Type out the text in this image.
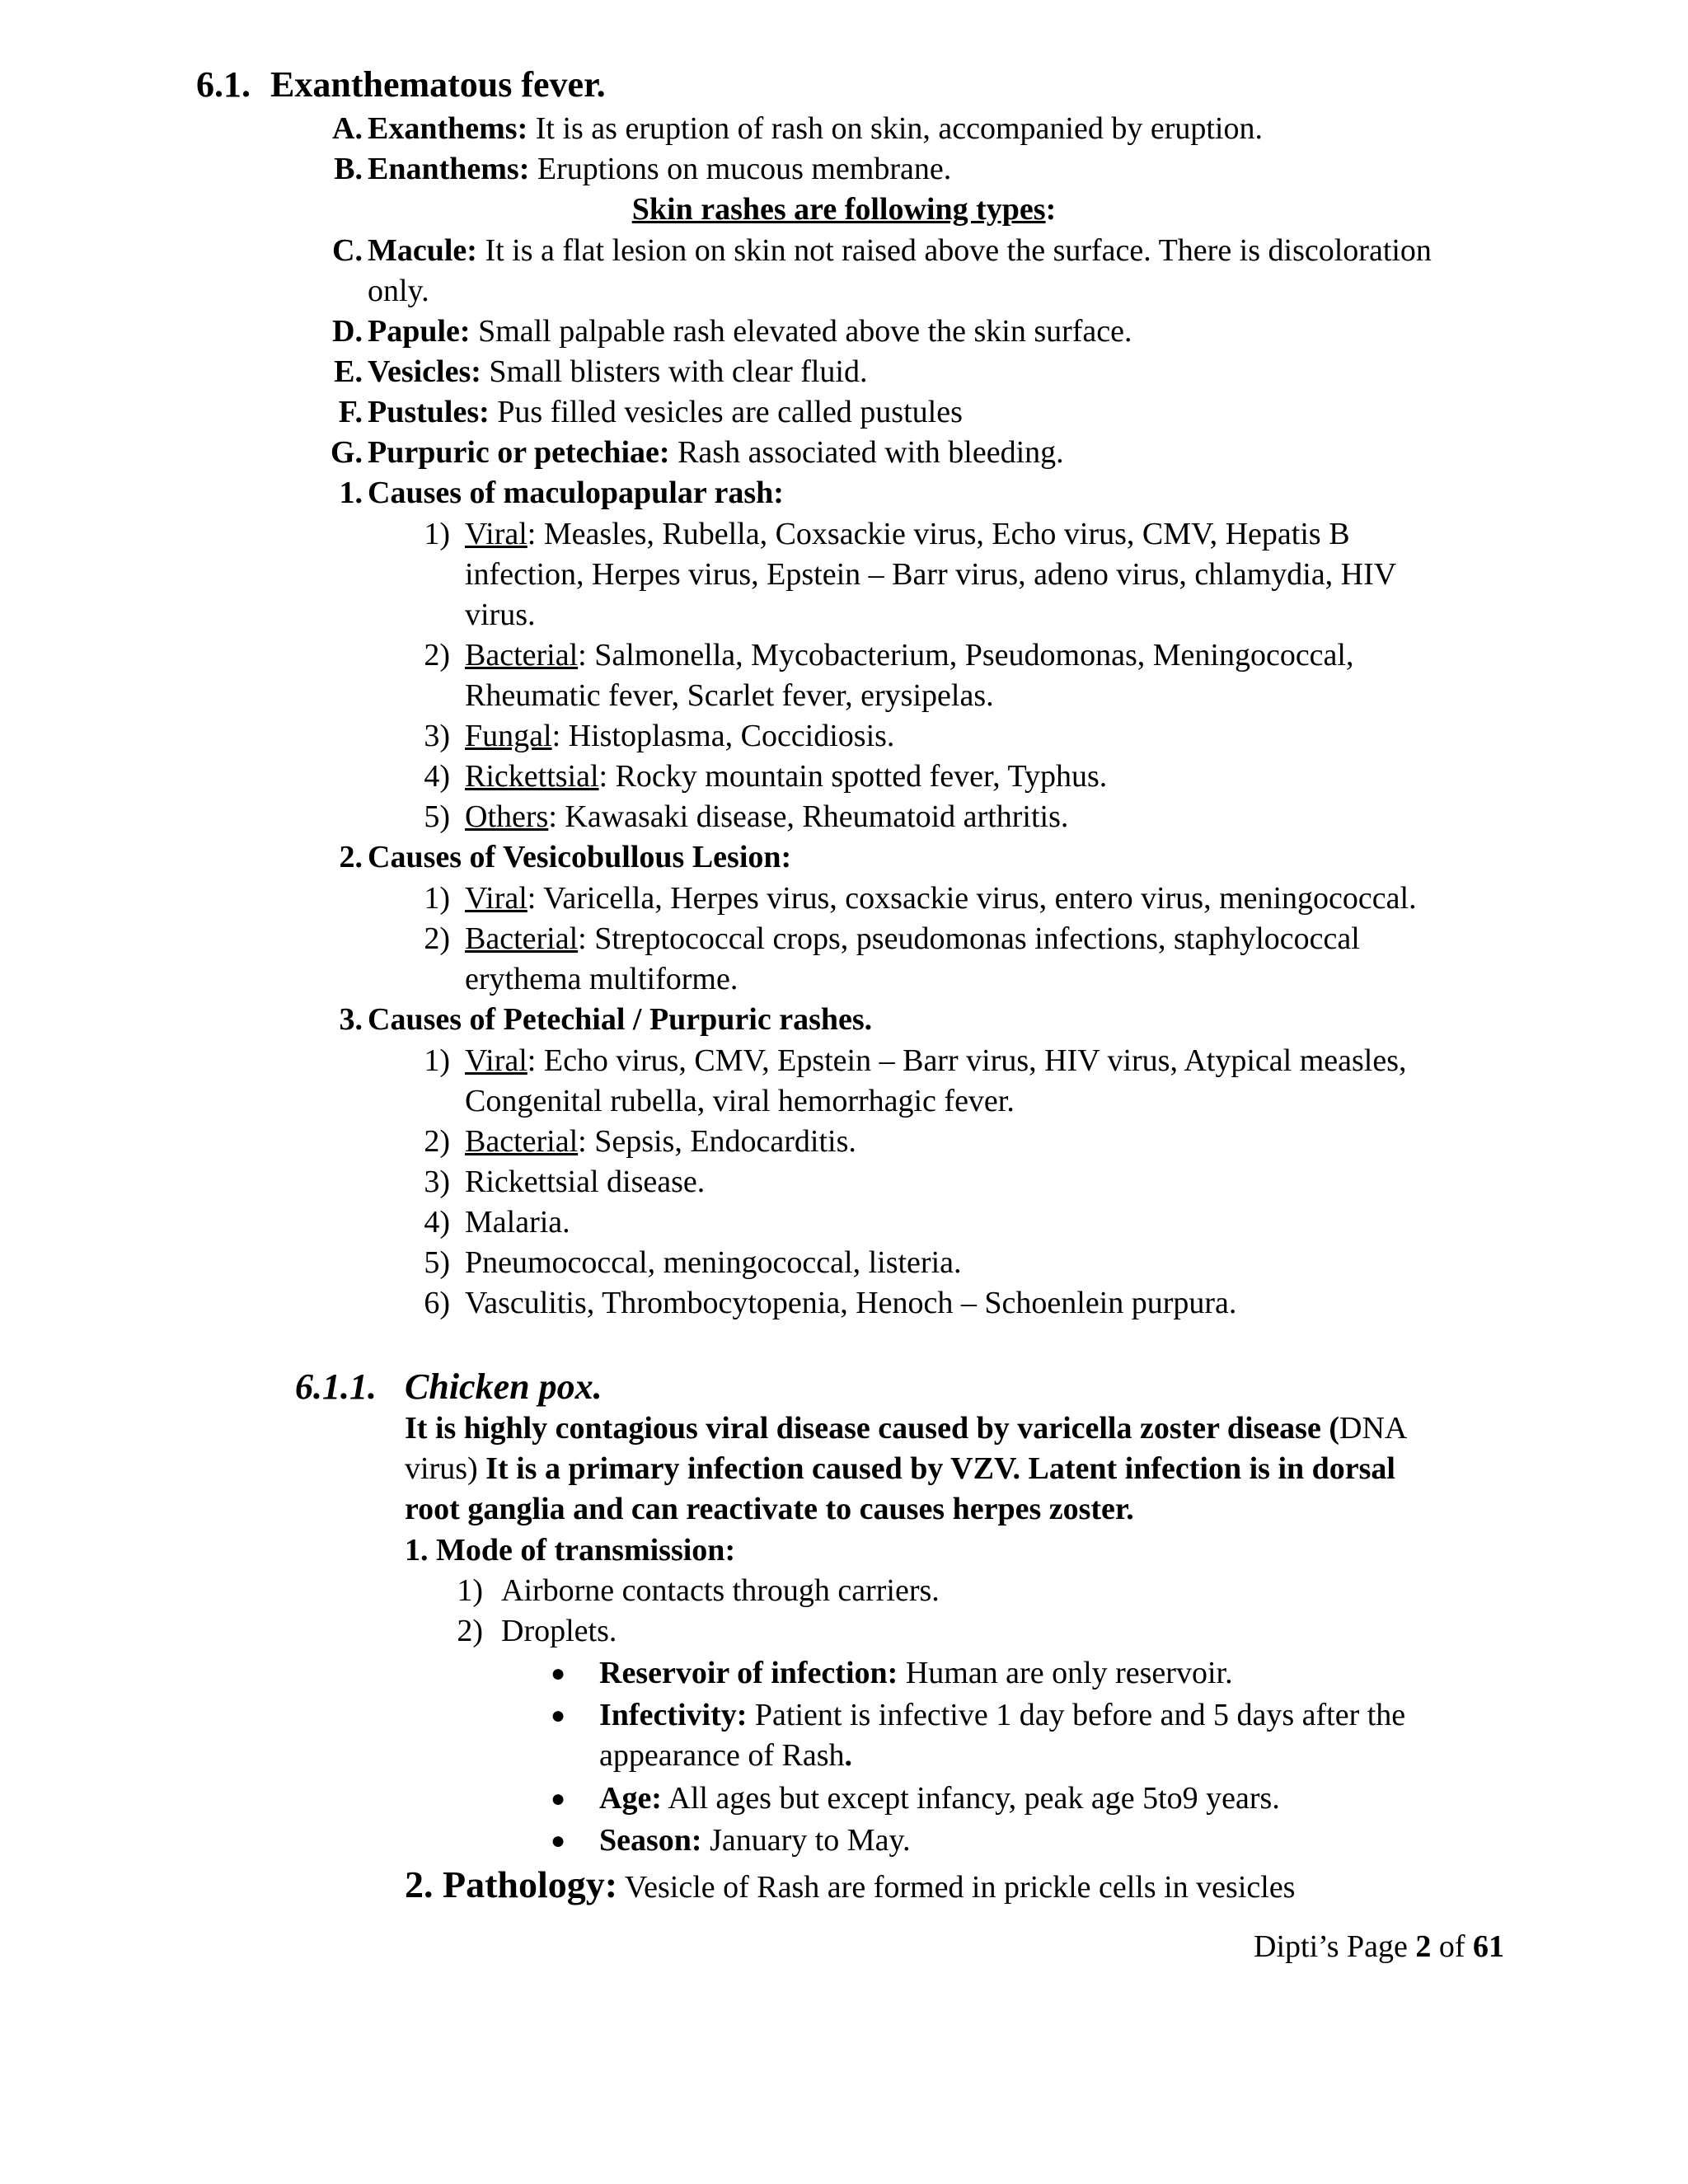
6.1. Exanthematous fever.
A. Exanthems: It is as eruption of rash on skin, accompanied by eruption.
B. Enanthems: Eruptions on mucous membrane.
Skin rashes are following types:
C. Macule: It is a flat lesion on skin not raised above the surface. There is discoloration
only.
D. Papule: Small palpable rash elevated above the skin surface.
E. Vesicles: Small blisters with clear fluid.
F. Pustules: Pus filled vesicles are called pustules
G. Purpuric or petechiae: Rash associated with bleeding.
1. Causes of maculopapular rash:
1) Viral: Measles, Rubella, Coxsackie virus, Echo virus, CMV, Hepatis B
infection, Herpes virus, Epstein – Barr virus, adeno virus, chlamydia, HIV
virus.
2) Bacterial: Salmonella, Mycobacterium, Pseudomonas, Meningococcal,
Rheumatic fever, Scarlet fever, erysipelas.
3) Fungal: Histoplasma, Coccidiosis.
4) Rickettsial: Rocky mountain spotted fever, Typhus.
5) Others: Kawasaki disease, Rheumatoid arthritis.
2. Causes of Vesicobullous Lesion:
1) Viral: Varicella, Herpes virus, coxsackie virus, entero virus, meningococcal.
2) Bacterial: Streptococcal crops, pseudomonas infections, staphylococcal
erythema multiforme.
3. Causes of Petechial / Purpuric rashes.
1) Viral: Echo virus, CMV, Epstein – Barr virus, HIV virus, Atypical measles,
Congenital rubella, viral hemorrhagic fever.
2) Bacterial: Sepsis, Endocarditis.
3) Rickettsial disease.
4) Malaria.
5) Pneumococcal, meningococcal, listeria.
6) Vasculitis, Thrombocytopenia, Henoch – Schoenlein purpura.
6.1.1. Chicken pox.
It is highly contagious viral disease caused by varicella zoster disease (DNA
virus) It is a primary infection caused by VZV. Latent infection is in dorsal
root ganglia and can reactivate to causes herpes zoster.
1. Mode of transmission:
1) Airborne contacts through carriers.
2) Droplets.
●	Reservoir of infection: Human are only reservoir.
●	Infectivity: Patient is infective 1 day before and 5 days after the
appearance of Rash.
●	Age: All ages but except infancy, peak age 5to9 years.
●	Season: January to May.
2. Pathology: Vesicle of Rash are formed in prickle cells in vesicles
Dipti’s Page 2 of 61
